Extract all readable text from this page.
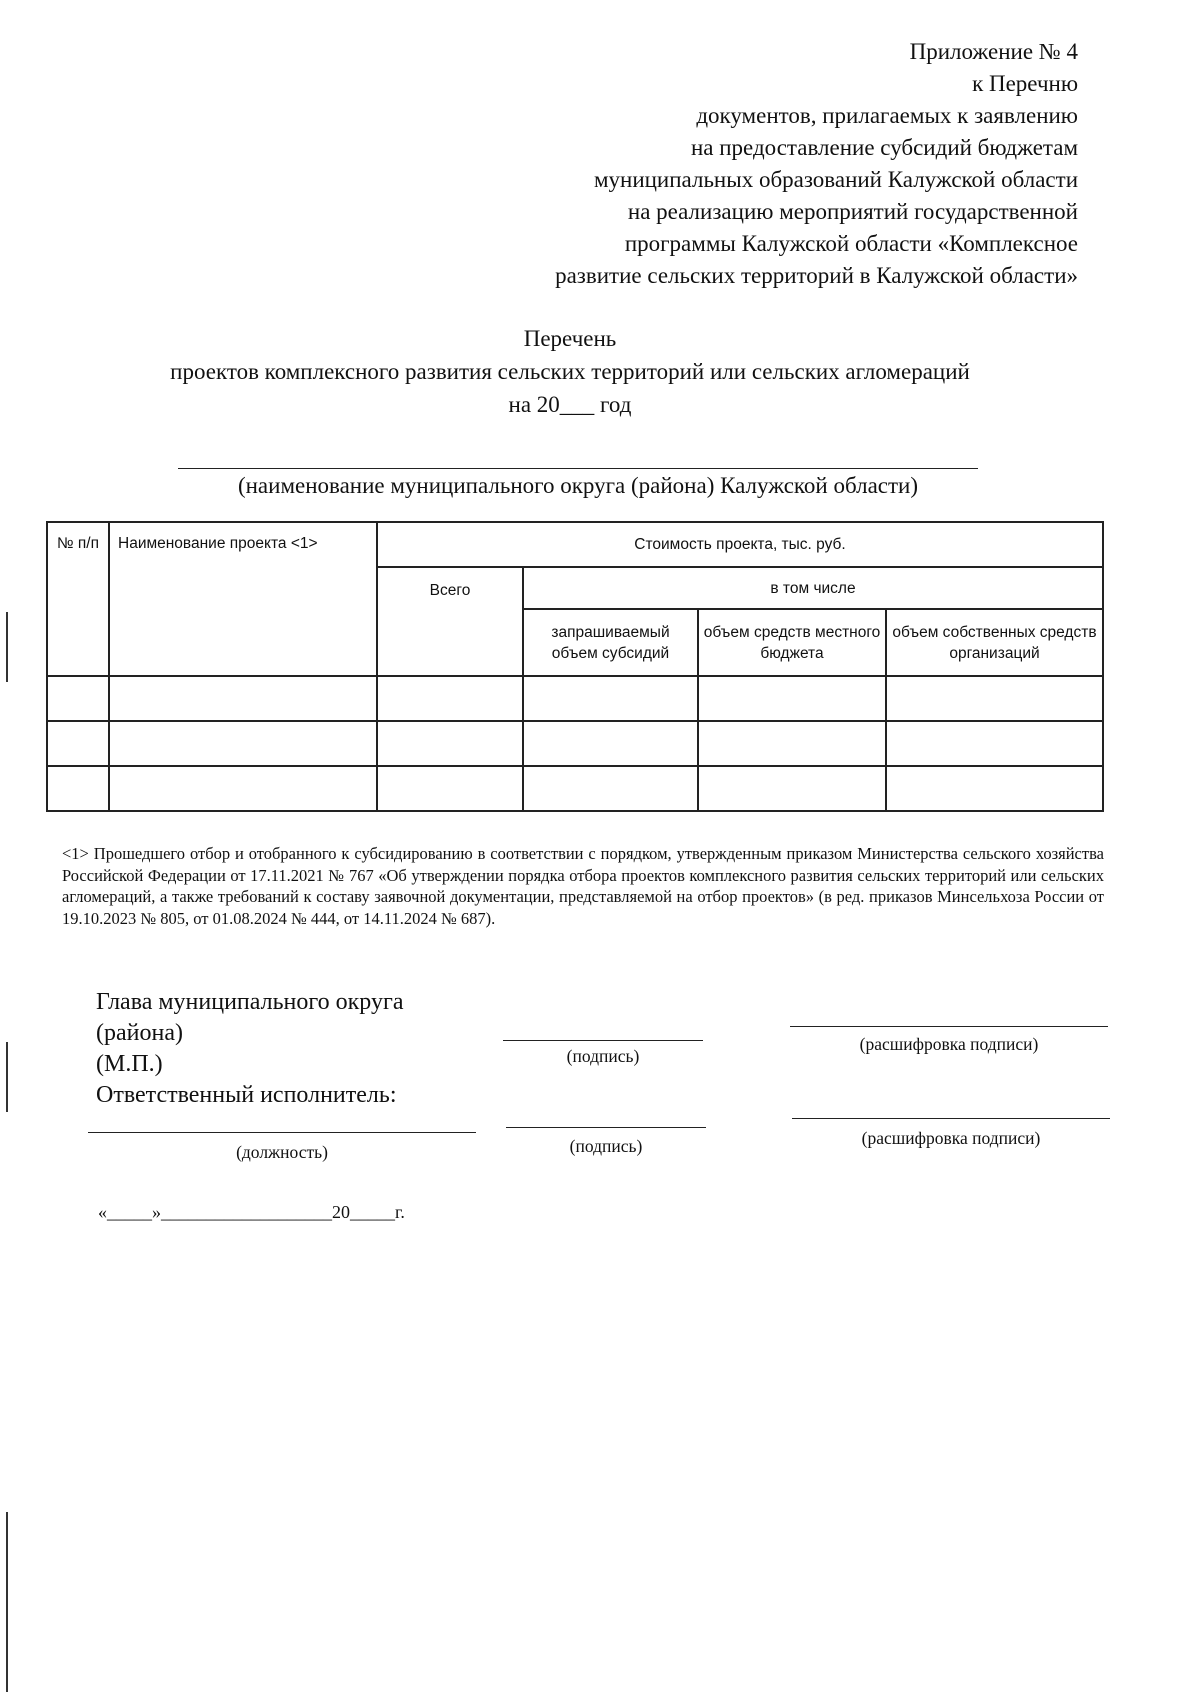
Приложение № 4
к Перечню
документов, прилагаемых к заявлению
на предоставление субсидий бюджетам
муниципальных образований Калужской области
на реализацию мероприятий государственной
программы Калужской области «Комплексное
развитие сельских территорий в Калужской области»
Перечень
проектов комплексного развития сельских территорий или сельских агломераций
на 20___ год
(наименование муниципального округа (района) Калужской области)
№ п/п	Наименование проекта <1>	Стоимость проекта, тыс. руб.			
		Всего	в том числе		
			запрашиваемый объем субсидий	объем средств местного бюджета	объем собственных средств организаций

<1> Прошедшего отбор и отобранного к субсидированию в соответствии с порядком, утвержденным приказом Министерства сельского хозяйства Российской Федерации от 17.11.2021 № 767 «Об утверждении порядка отбора проектов комплексного развития сельских территорий или сельских агломераций, а также требований к составу заявочной документации, представляемой на отбор проектов» (в ред. приказов Минсельхоза России от 19.10.2023 № 805, от 01.08.2024 № 444, от 14.11.2024 № 687).
Глава муниципального округа
(района)
(М.П.)
Ответственный исполнитель:
(подпись)
(расшифровка подписи)
(должность)	(подпись)	(расшифровка подписи)
«_____»___________________20_____г.
